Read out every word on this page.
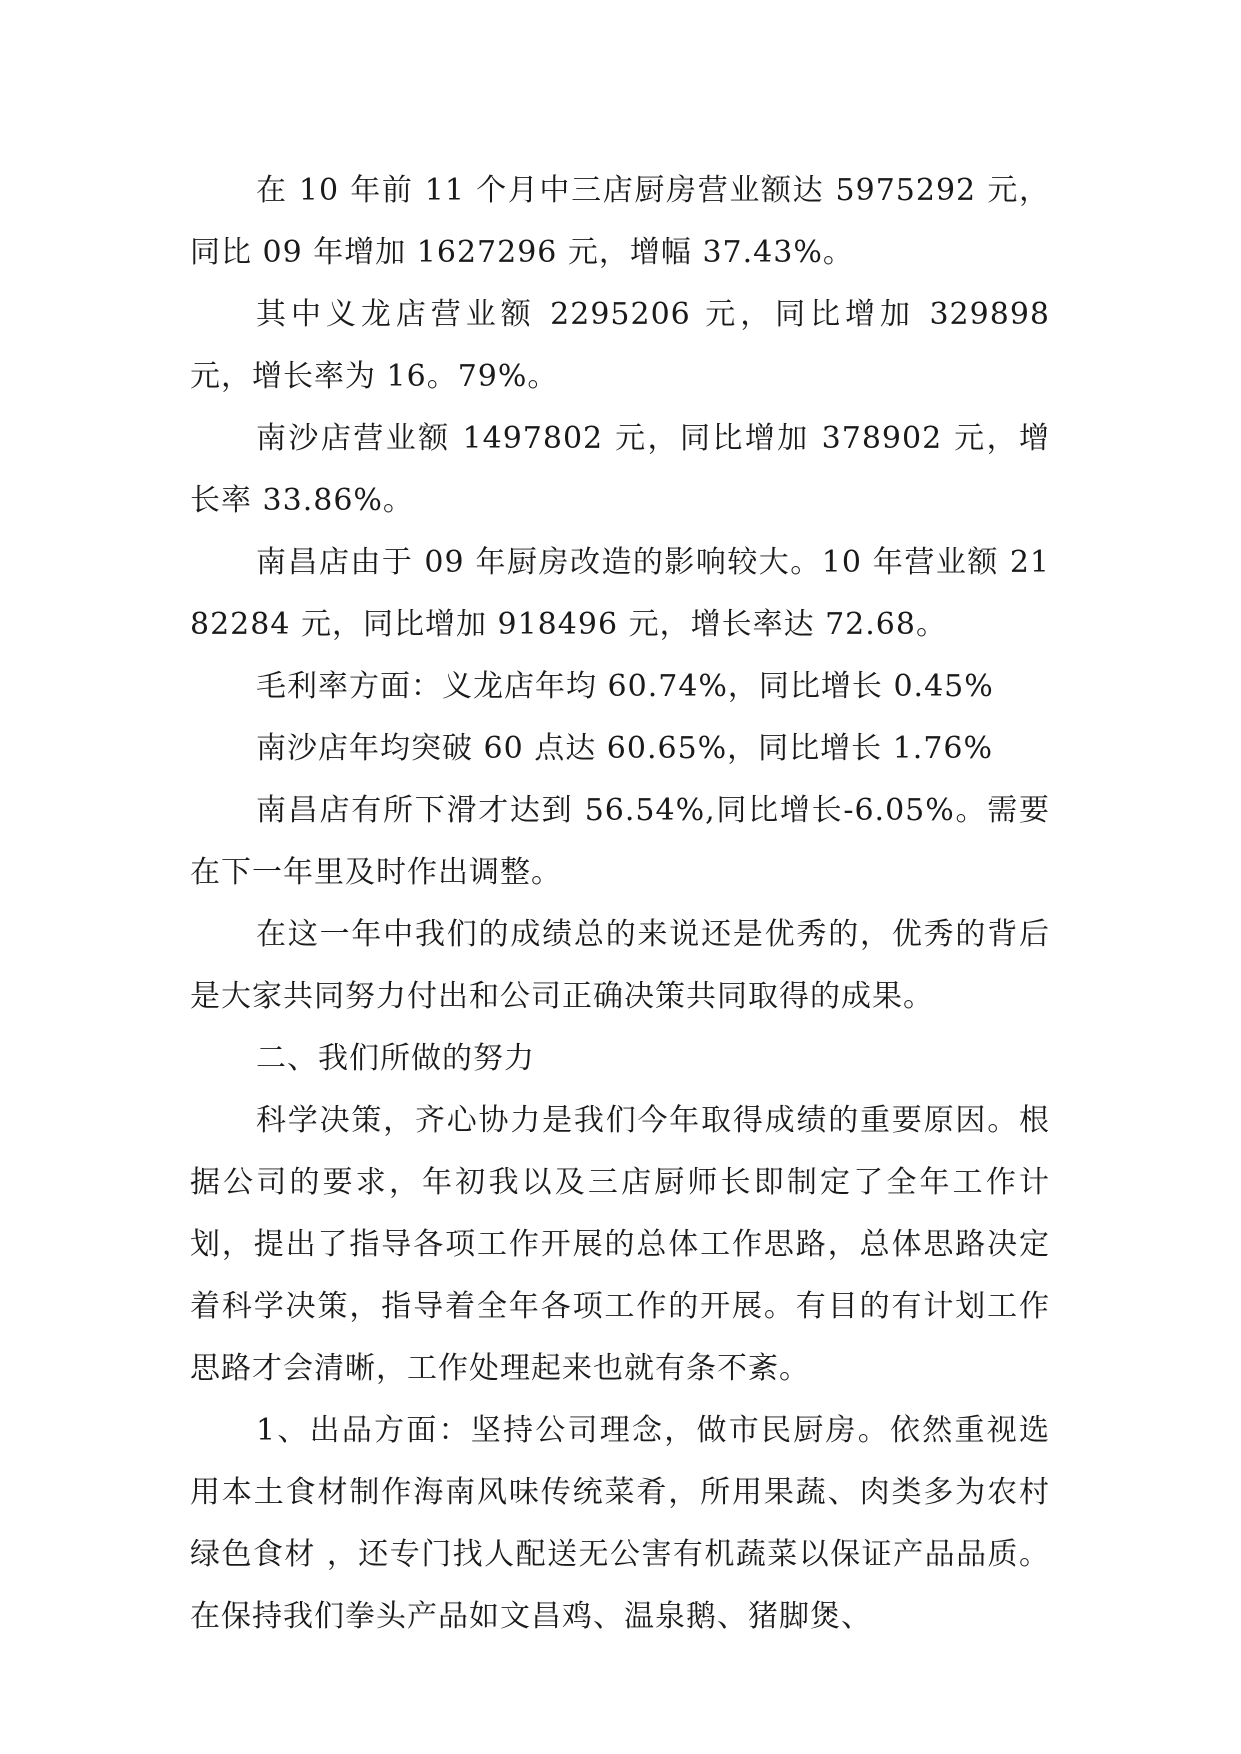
在 10 年前 11 个月中三店厨房营业额达 5975292 元，同比 09 年增加 1627296 元，增幅 37.43%。

其中义龙店营业额 2295206 元，同比增加 329898 元，增长率为 16。79%。

南沙店营业额 1497802 元，同比增加 378902 元，增长率 33.86%。

南昌店由于 09 年厨房改造的影响较大。10 年营业额 2182284 元，同比增加 918496 元，增长率达 72.68。

毛利率方面：义龙店年均 60.74%，同比增长 0.45%

南沙店年均突破 60 点达 60.65%，同比增长 1.76%

南昌店有所下滑才达到 56.54%,同比增长-6.05%。需要在下一年里及时作出调整。

在这一年中我们的成绩总的来说还是优秀的，优秀的背后是大家共同努力付出和公司正确决策共同取得的成果。

二、我们所做的努力

科学决策，齐心协力是我们今年取得成绩的重要原因。根据公司的要求，年初我以及三店厨师长即制定了全年工作计划，提出了指导各项工作开展的总体工作思路，总体思路决定着科学决策，指导着全年各项工作的开展。有目的有计划工作思路才会清晰，工作处理起来也就有条不紊。

1、出品方面：坚持公司理念，做市民厨房。依然重视选用本土食材制作海南风味传统菜肴，所用果蔬、肉类多为农村绿色食材 ，还专门找人配送无公害有机蔬菜以保证产品品质。在保持我们拳头产品如文昌鸡、温泉鹅、猪脚煲、
